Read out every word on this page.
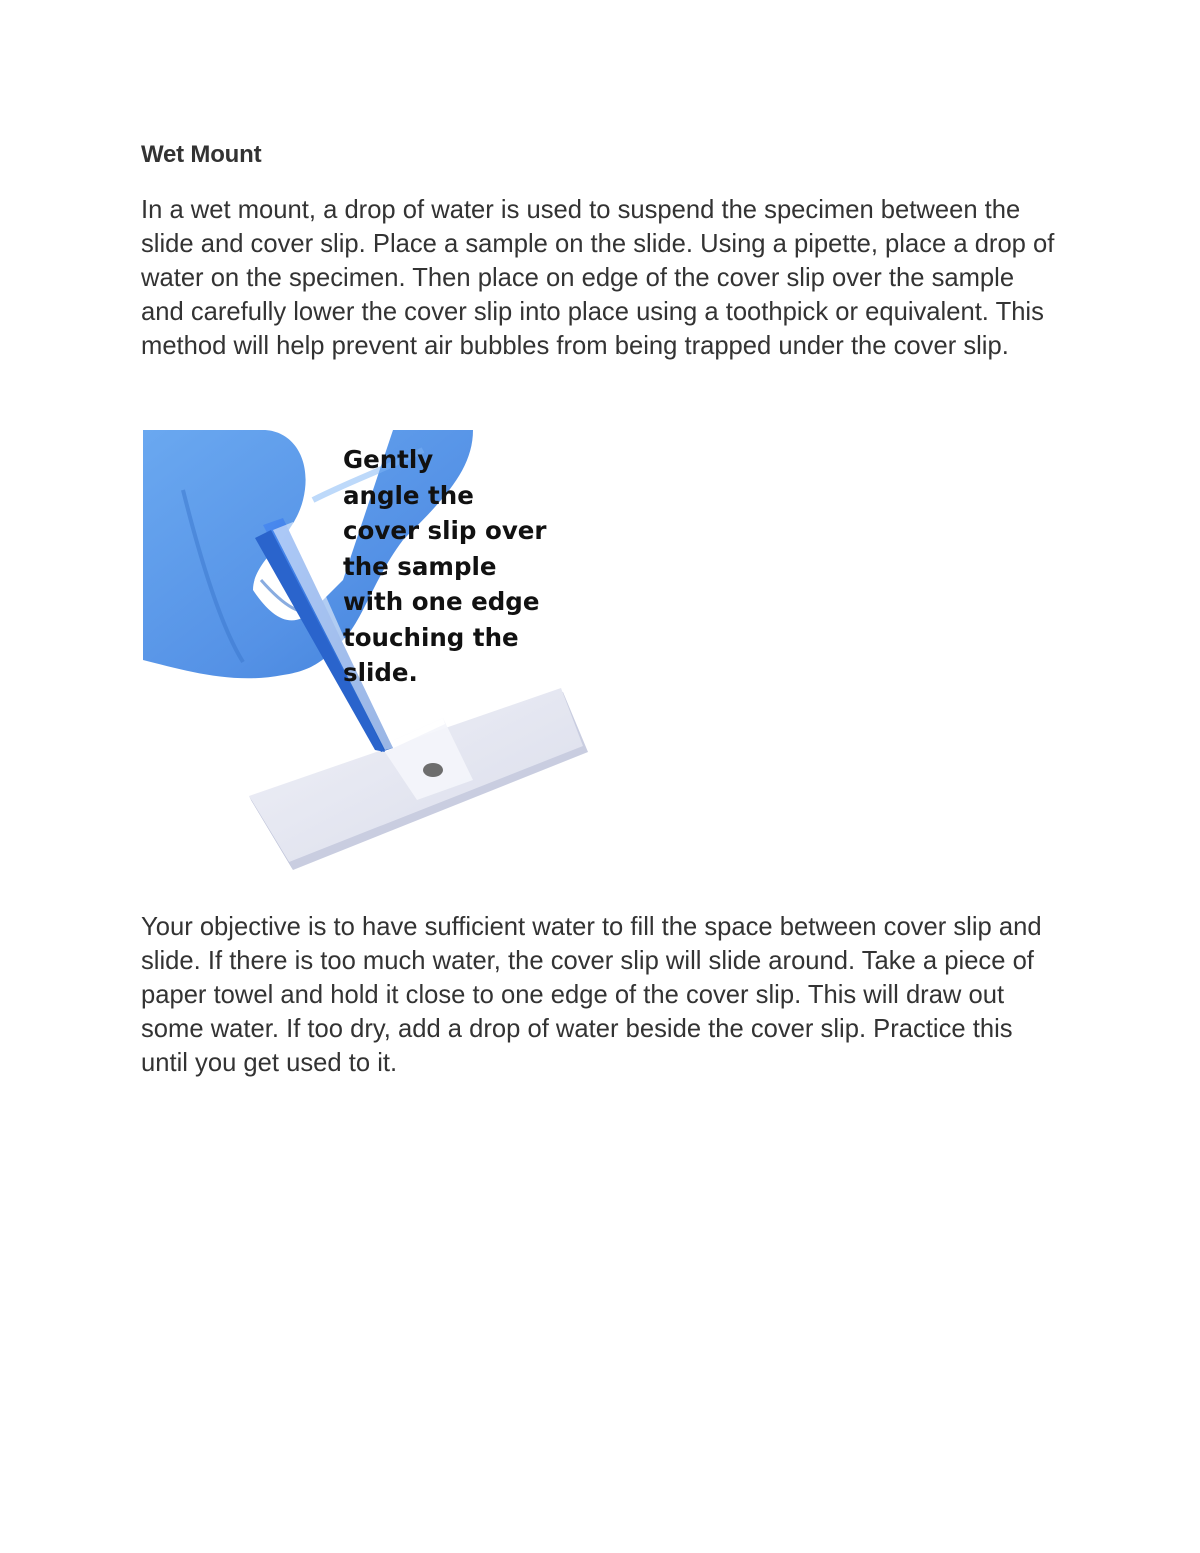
Wet Mount

In a wet mount, a drop of water is used to suspend the specimen between the slide and cover slip. Place a sample on the slide. Using a pipette, place a drop of water on the specimen. Then place on edge of the cover slip over the sample and carefully lower the cover slip into place using a toothpick or equivalent. This method will help prevent air bubbles from being trapped under the cover slip.

Gently
angle the
cover slip over
the sample
with one edge
touching the
slide.

Your objective is to have sufficient water to fill the space between cover slip and slide. If there is too much water, the cover slip will slide around. Take a piece of paper towel and hold it close to one edge of the cover slip. This will draw out some water. If too dry, add a drop of water beside the cover slip. Practice this until you get used to it.
